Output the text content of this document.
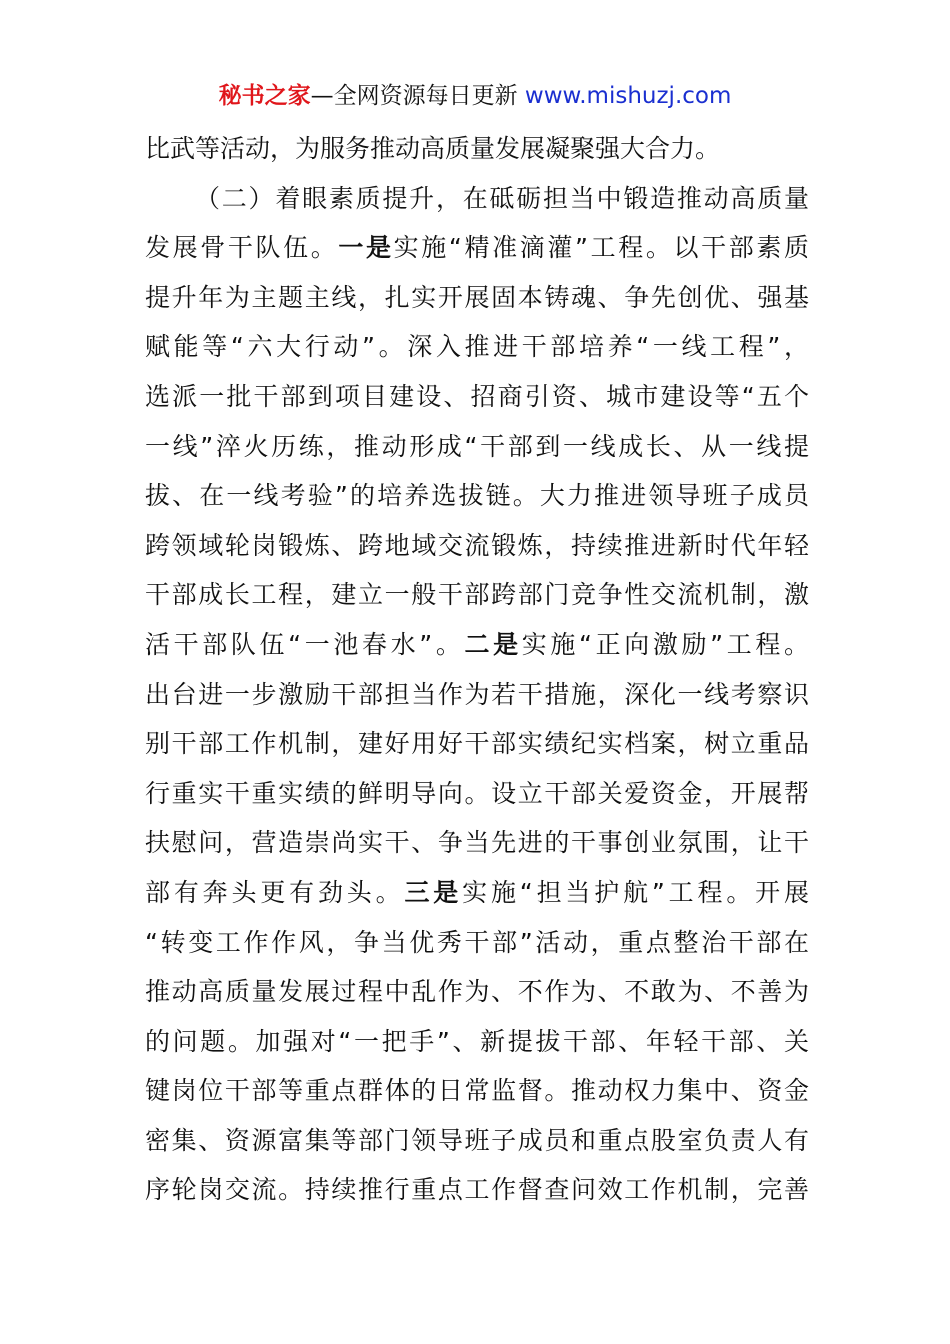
秘书之家—全网资源每日更新 www.mishuzj.com
比武等活动，为服务推动高质量发展凝聚强大合力。
（二）着眼素质提升，在砥砺担当中锻造推动高质量
发展骨干队伍。一是实施“精准滴灌”工程。以干部素质
提升年为主题主线，扎实开展固本铸魂、争先创优、强基
赋能等“六大行动”。深入推进干部培养“一线工程”，
选派一批干部到项目建设、招商引资、城市建设等“五个
一线”淬火历练，推动形成“干部到一线成长、从一线提
拔、在一线考验”的培养选拔链。大力推进领导班子成员
跨领域轮岗锻炼、跨地域交流锻炼，持续推进新时代年轻
干部成长工程，建立一般干部跨部门竞争性交流机制，激
活干部队伍“一池春水”。二是实施“正向激励”工程。
出台进一步激励干部担当作为若干措施，深化一线考察识
别干部工作机制，建好用好干部实绩纪实档案，树立重品
行重实干重实绩的鲜明导向。设立干部关爱资金，开展帮
扶慰问，营造崇尚实干、争当先进的干事创业氛围，让干
部有奔头更有劲头。三是实施“担当护航”工程。开展
“转变工作作风，争当优秀干部”活动，重点整治干部在
推动高质量发展过程中乱作为、不作为、不敢为、不善为
的问题。加强对“一把手”、新提拔干部、年轻干部、关
键岗位干部等重点群体的日常监督。推动权力集中、资金
密集、资源富集等部门领导班子成员和重点股室负责人有
序轮岗交流。持续推行重点工作督查问效工作机制，完善
